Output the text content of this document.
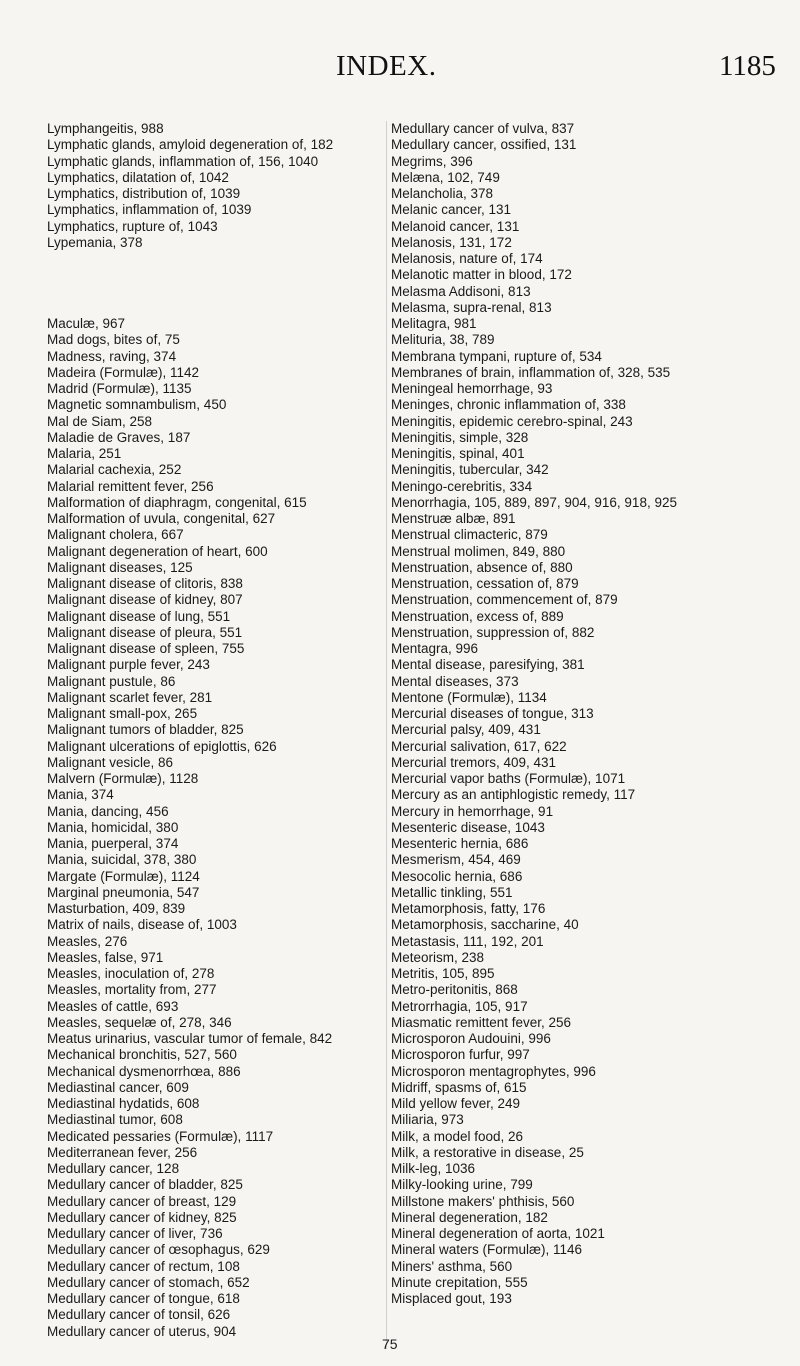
INDEX.	1185
Lymphangeitis, 988
Lymphatic glands, amyloid degeneration of, 182
Lymphatic glands, inflammation of, 156, 1040
Lymphatics, dilatation of, 1042
Lymphatics, distribution of, 1039
Lymphatics, inflammation of, 1039
Lymphatics, rupture of, 1043
Lypemania, 378
Maculæ, 967
Mad dogs, bites of, 75
Madness, raving, 374
Madeira (Formulæ), 1142
Madrid (Formulæ), 1135
Magnetic somnambulism, 450
Mal de Siam, 258
Maladie de Graves, 187
Malaria, 251
Malarial cachexia, 252
Malarial remittent fever, 256
Malformation of diaphragm, congenital, 615
Malformation of uvula, congenital, 627
Malignant cholera, 667
Malignant degeneration of heart, 600
Malignant diseases, 125
Malignant disease of clitoris, 838
Malignant disease of kidney, 807
Malignant disease of lung, 551
Malignant disease of pleura, 551
Malignant disease of spleen, 755
Malignant purple fever, 243
Malignant pustule, 86
Malignant scarlet fever, 281
Malignant small-pox, 265
Malignant tumors of bladder, 825
Malignant ulcerations of epiglottis, 626
Malignant vesicle, 86
Malvern (Formulæ), 1128
Mania, 374
Mania, dancing, 456
Mania, homicidal, 380
Mania, puerperal, 374
Mania, suicidal, 378, 380
Margate (Formulæ), 1124
Marginal pneumonia, 547
Masturbation, 409, 839
Matrix of nails, disease of, 1003
Measles, 276
Measles, false, 971
Measles, inoculation of, 278
Measles, mortality from, 277
Measles of cattle, 693
Measles, sequelæ of, 278, 346
Meatus urinarius, vascular tumor of female, 842
Mechanical bronchitis, 527, 560
Mechanical dysmenorrhœa, 886
Mediastinal cancer, 609
Mediastinal hydatids, 608
Mediastinal tumor, 608
Medicated pessaries (Formulæ), 1117
Mediterranean fever, 256
Medullary cancer, 128
Medullary cancer of bladder, 825
Medullary cancer of breast, 129
Medullary cancer of kidney, 825
Medullary cancer of liver, 736
Medullary cancer of œsophagus, 629
Medullary cancer of rectum, 108
Medullary cancer of stomach, 652
Medullary cancer of tongue, 618
Medullary cancer of tonsil, 626
Medullary cancer of uterus, 904
Medullary cancer of vulva, 837
Medullary cancer, ossified, 131
Megrims, 396
Melæna, 102, 749
Melancholia, 378
Melanic cancer, 131
Melanoid cancer, 131
Melanosis, 131, 172
Melanosis, nature of, 174
Melanotic matter in blood, 172
Melasma Addisoni, 813
Melasma, supra-renal, 813
Melitagra, 981
Melituria, 38, 789
Membrana tympani, rupture of, 534
Membranes of brain, inflammation of, 328, 535
Meningeal hemorrhage, 93
Meninges, chronic inflammation of, 338
Meningitis, epidemic cerebro-spinal, 243
Meningitis, simple, 328
Meningitis, spinal, 401
Meningitis, tubercular, 342
Meningo-cerebritis, 334
Menorrhagia, 105, 889, 897, 904, 916, 918, 925
Menstruæ albæ, 891
Menstrual climacteric, 879
Menstrual molimen, 849, 880
Menstruation, absence of, 880
Menstruation, cessation of, 879
Menstruation, commencement of, 879
Menstruation, excess of, 889
Menstruation, suppression of, 882
Mentagra, 996
Mental disease, paresifying, 381
Mental diseases, 373
Mentone (Formulæ), 1134
Mercurial diseases of tongue, 313
Mercurial palsy, 409, 431
Mercurial salivation, 617, 622
Mercurial tremors, 409, 431
Mercurial vapor baths (Formulæ), 1071
Mercury as an antiphlogistic remedy, 117
Mercury in hemorrhage, 91
Mesenteric disease, 1043
Mesenteric hernia, 686
Mesmerism, 454, 469
Mesocolic hernia, 686
Metallic tinkling, 551
Metamorphosis, fatty, 176
Metamorphosis, saccharine, 40
Metastasis, 111, 192, 201
Meteorism, 238
Metritis, 105, 895
Metro-peritonitis, 868
Metrorrhagia, 105, 917
Miasmatic remittent fever, 256
Microsporon Audouini, 996
Microsporon furfur, 997
Microsporon mentagrophytes, 996
Midriff, spasms of, 615
Mild yellow fever, 249
Miliaria, 973
Milk, a model food, 26
Milk, a restorative in disease, 25
Milk-leg, 1036
Milky-looking urine, 799
Millstone makers' phthisis, 560
Mineral degeneration, 182
Mineral degeneration of aorta, 1021
Mineral waters (Formulæ), 1146
Miners' asthma, 560
Minute crepitation, 555
Misplaced gout, 193
75
